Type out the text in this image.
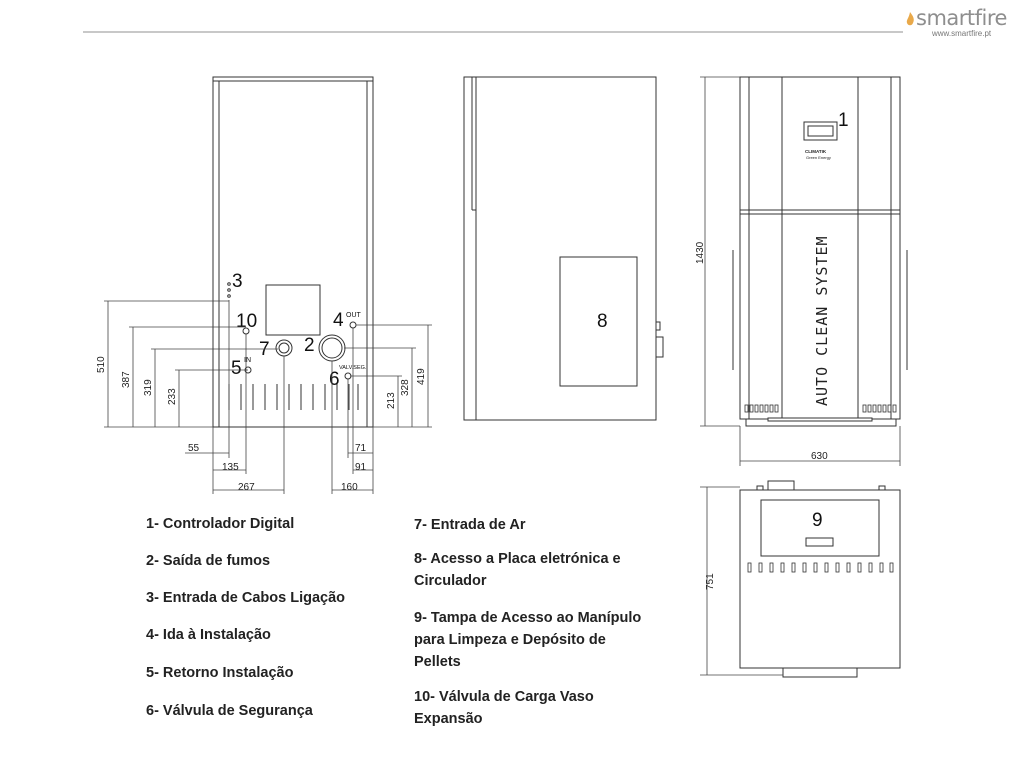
smartfire
www.smartfire.pt
3
10
7 2
4 OUT
5 IN
6
VALV.SEG.
510
387 319
233	213
328
419
55
135
267
71
91
160
8
1
CLIMATIK
Green Energy
AUTO CLEAN SYSTEM
1430
630
9
751
1- Controlador Digital
2- Saída de fumos
3- Entrada de Cabos Ligação
4- Ida à Instalação
5- Retorno Instalação
6- Válvula de Segurança
7- Entrada de Ar
8- Acesso a Placa eletrónica e
Circulador
9- Tampa de Acesso ao Manípulo
para Limpeza e Depósito de
Pellets
10- Válvula de Carga Vaso
Expansão
